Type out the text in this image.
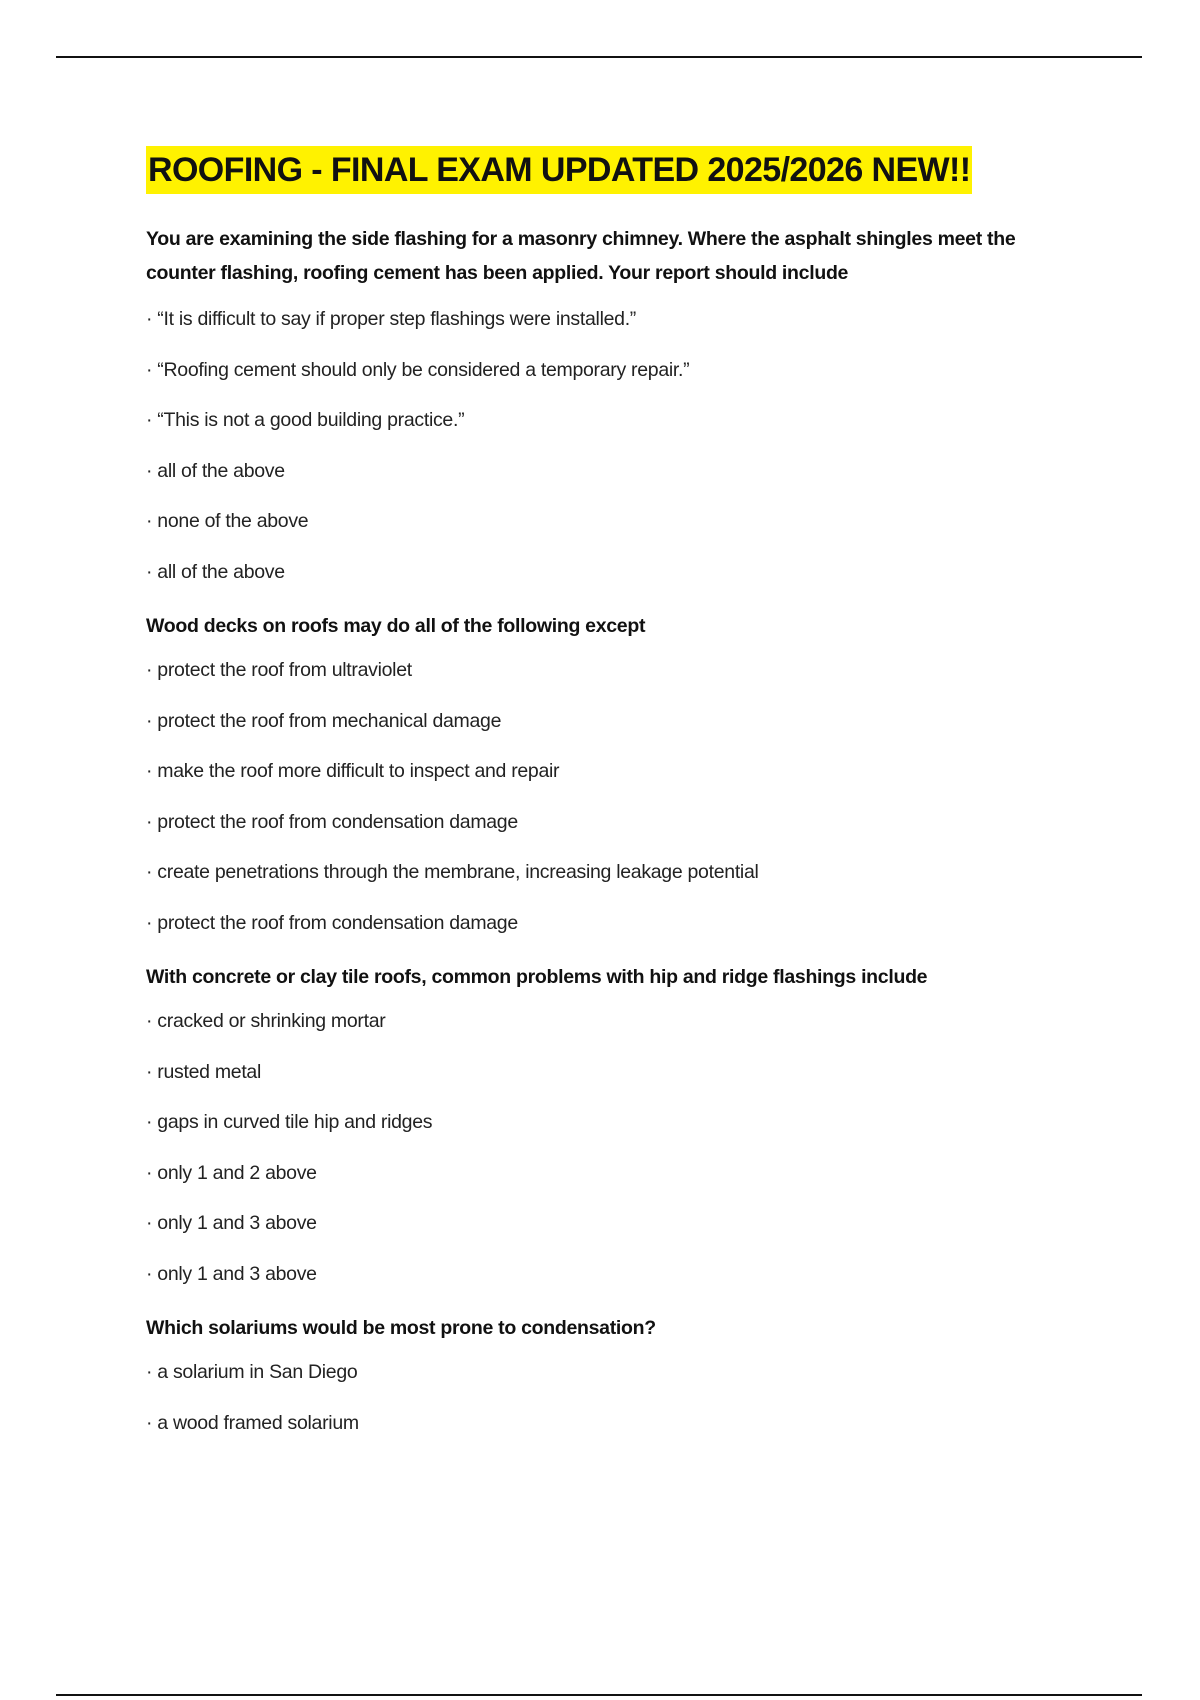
ROOFING - FINAL EXAM UPDATED 2025/2026 NEW!!
You are examining the side flashing for a masonry chimney. Where the asphalt shingles meet the counter flashing, roofing cement has been applied. Your report should include
· “It is difficult to say if proper step flashings were installed.”
· “Roofing cement should only be considered a temporary repair.”
· “This is not a good building practice.”
· all of the above
· none of the above
· all of the above
Wood decks on roofs may do all of the following except
· protect the roof from ultraviolet
· protect the roof from mechanical damage
· make the roof more difficult to inspect and repair
· protect the roof from condensation damage
· create penetrations through the membrane, increasing leakage potential
· protect the roof from condensation damage
With concrete or clay tile roofs, common problems with hip and ridge flashings include
· cracked or shrinking mortar
· rusted metal
· gaps in curved tile hip and ridges
· only 1 and 2 above
· only 1 and 3 above
· only 1 and 3 above
Which solariums would be most prone to condensation?
· a solarium in San Diego
· a wood framed solarium
